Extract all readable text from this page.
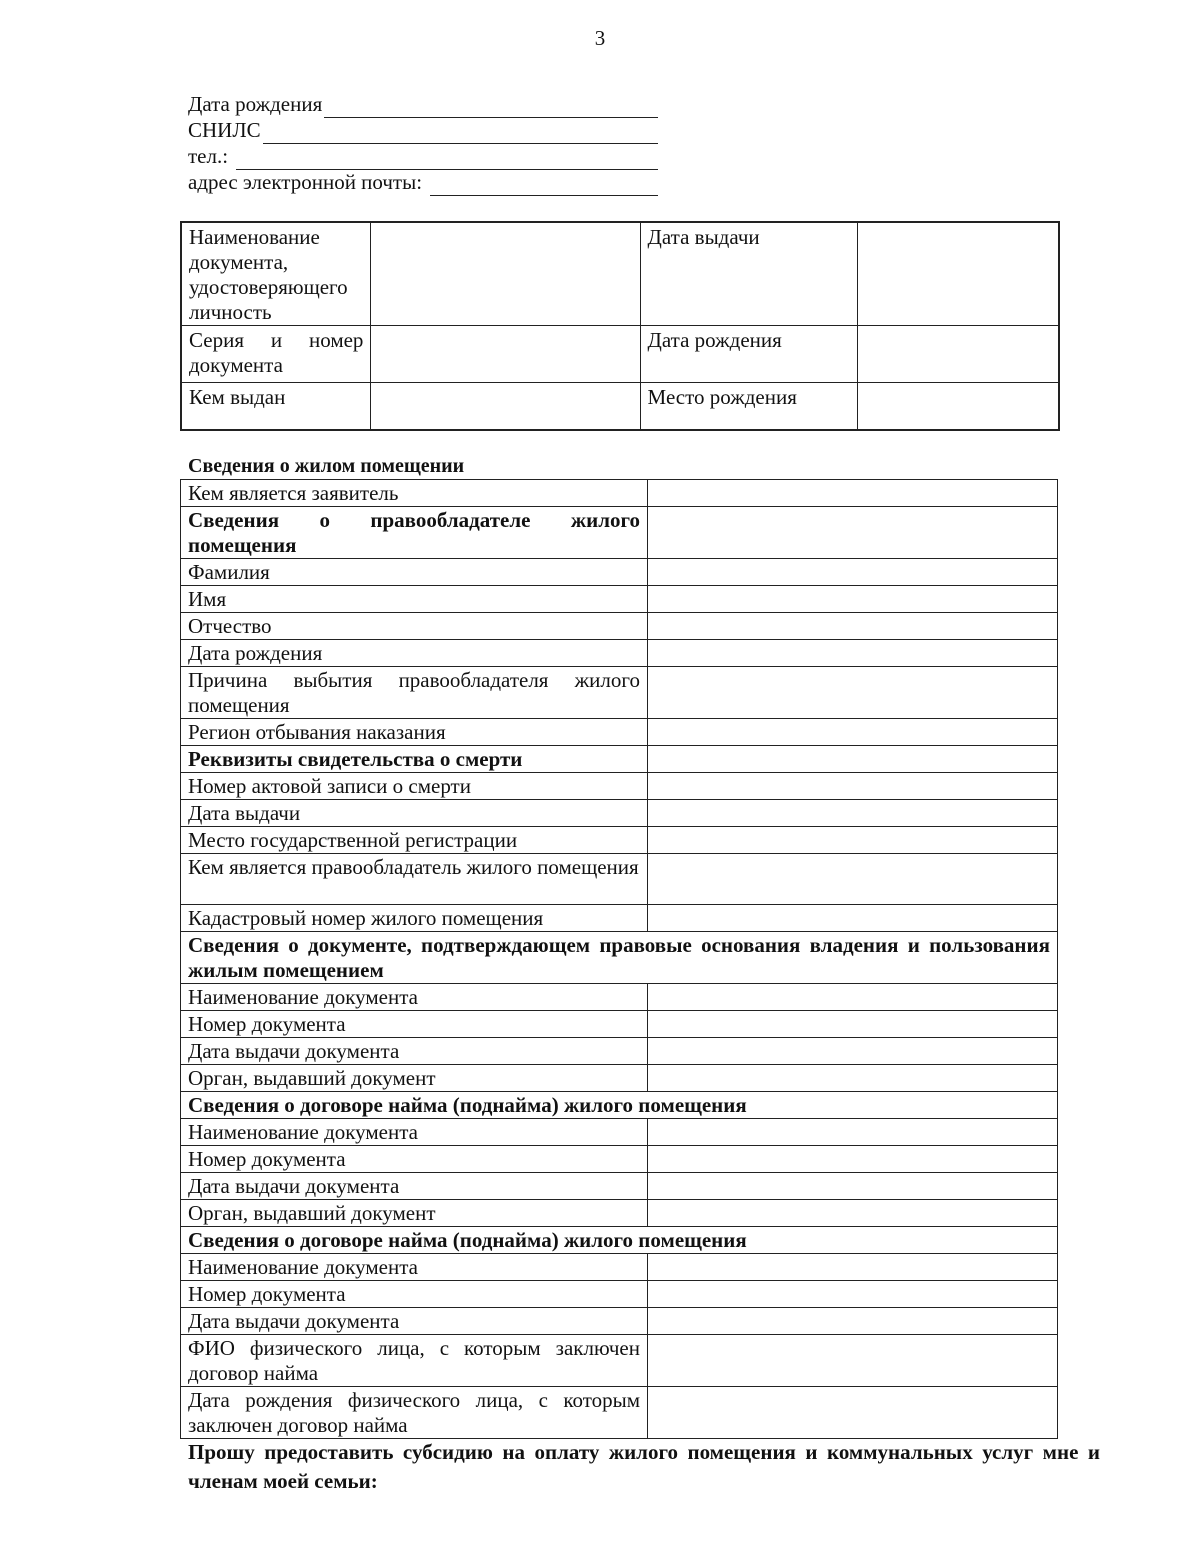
3
Дата рождения
СНИЛС
тел.:
адрес электронной почты:
Наименование документа, удостоверяющего личность		Дата выдачи	
Серия и номер документа		Дата рождения	
Кем выдан		Место рождения	
Сведения о жилом помещении
Кем является заявитель	
Сведения о правообладателе жилого помещения	
Фамилия	
Имя	
Отчество	
Дата рождения	
Причина выбытия правообладателя жилого помещения	
Регион отбывания наказания	
Реквизиты свидетельства о смерти	
Номер актовой записи о смерти	
Дата выдачи	
Место государственной регистрации	
Кем является правообладатель жилого помещения	
Кадастровый номер жилого помещения	
Сведения о документе, подтверждающем правовые основания владения и пользования жилым помещением	
Наименование документа	
Номер документа	
Дата выдачи документа	
Орган, выдавший документ	
Сведения о договоре найма (поднайма) жилого помещения	
Наименование документа	
Номер документа	
Дата выдачи документа	
Орган, выдавший документ	
Сведения о договоре найма (поднайма) жилого помещения	
Наименование документа	
Номер документа	
Дата выдачи документа	
ФИО физического лица, с которым заключен договор найма	
Дата рождения физического лица, с которым заключен договор найма	
Прошу предоставить субсидию на оплату жилого помещения и коммунальных услуг мне и членам моей семьи:
